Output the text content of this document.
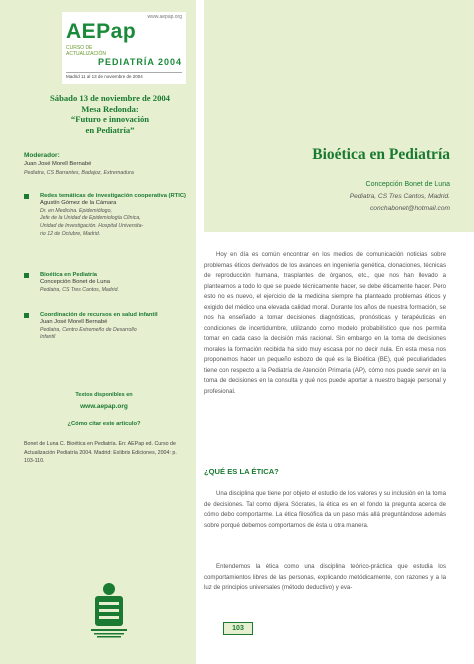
www.aepap.org
AEPap
CURSO DE
ACTUALIZACIÓN
PEDIATRÍA 2004
Madrid 11 al 13 de noviembre de 2004
Sábado 13 de noviembre de 2004
Mesa Redonda:
“Futuro e innovación
en Pediatría”
Moderador:
Juan José Morell Bernabé
Pediatra, CS Barrantes, Badajoz, Extremadura
Redes temáticas de investigación cooperativa (RTIC)
Agustín Gómez de la Cámara
Dr. en Medicina. Epidemiólogo,
Jefe de la Unidad de Epidemiología Clínica,
Unidad de Investigación. Hospital Universita-
rio 12 de Octubre, Madrid.
Bioética en Pediatría
Concepción Bonet de Luna
Pediatra, CS Tres Cantos, Madrid.
Coordinación de recursos en salud infantil
Juan José Morell Bernabé
Pediatra, Centro Extremeño de Desarrollo
Infantil
Textos disponibles en
www.aepap.org
¿Cómo citar este artículo?
Bonet de Luna C. Bioética en Pediatría. En: AEPap ed. Curso de Actualización Pediatría 2004. Madrid: Exlibris Ediciones, 2004: p. 103-110.
103
Bioética en Pediatría
Concepción Bonet de Luna
Pediatra, CS Tres Cantos, Madrid.
conchabonet@hotmail.com

Hoy en día es común encontrar en los medios de comunicación noticias sobre problemas éticos derivados de los avances en ingeniería genética, clonaciones, técnicas de reproducción humana, trasplantes de órganos, etc., que nos han llevado a plantearnos a todo lo que se puede técnicamente hacer, se debe éticamente hacer. Pero esto no es nuevo, el ejercicio de la medicina siempre ha planteado problemas éticos y exigido del médico una elevada calidad moral. Durante los años de nuestra formación, se nos ha enseñado a tomar decisiones diagnósticas, pronósticas y terapéuticas en condiciones de incertidumbre, utilizando como modelo probabilístico que nos permita tomar en cada caso la decisión más racional. Sin embargo en la toma de decisiones morales la formación recibida ha sido muy escasa por no decir nula. En esta mesa nos proponemos hacer un pequeño esbozo de qué es la Bioética (BE), qué peculiaridades tiene con respecto a la Pediatría de Atención Primaria (AP), cómo nos puede servir en la toma de decisiones en la consulta y qué nos puede aportar a nuestro bagaje personal y profesional.

¿QUÉ ES LA ÉTICA?

Una disciplina que tiene por objeto el estudio de los valores y su inclusión en la toma de decisiones. Tal como dijera Sócrates, la ética es en el fondo la pregunta acerca de cómo debo comportarme. La ética filosófica da un paso más allá preguntándose además sobre porqué debemos comportarnos de ésta u otra manera.

Entendemos la ética como una disciplina teórico-práctica que estudia los comportamientos libres de las personas, explicando metódicamente, con razones y a la luz de principios universales (método deductivo) y eva-
